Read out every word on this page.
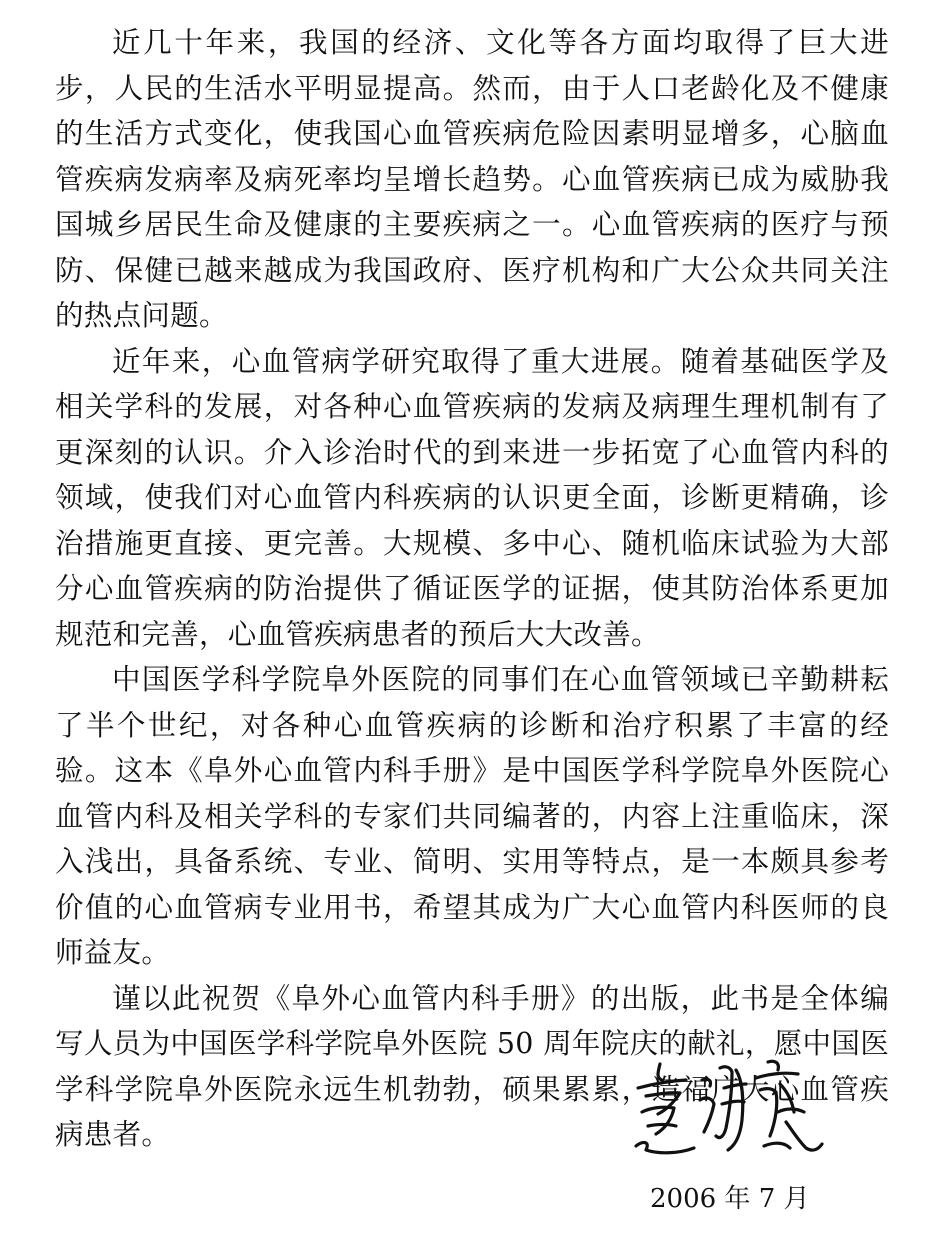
近几十年来，我国的经济、文化等各方面均取得了巨大进步，人民的生活水平明显提高。然而，由于人口老龄化及不健康的生活方式变化，使我国心血管疾病危险因素明显增多，心脑血管疾病发病率及病死率均呈增长趋势。心血管疾病已成为威胁我国城乡居民生命及健康的主要疾病之一。心血管疾病的医疗与预防、保健已越来越成为我国政府、医疗机构和广大公众共同关注的热点问题。

近年来，心血管病学研究取得了重大进展。随着基础医学及相关学科的发展，对各种心血管疾病的发病及病理生理机制有了更深刻的认识。介入诊治时代的到来进一步拓宽了心血管内科的领域，使我们对心血管内科疾病的认识更全面，诊断更精确，诊治措施更直接、更完善。大规模、多中心、随机临床试验为大部分心血管疾病的防治提供了循证医学的证据，使其防治体系更加规范和完善，心血管疾病患者的预后大大改善。

中国医学科学院阜外医院的同事们在心血管领域已辛勤耕耘了半个世纪，对各种心血管疾病的诊断和治疗积累了丰富的经验。这本《阜外心血管内科手册》是中国医学科学院阜外医院心血管内科及相关学科的专家们共同编著的，内容上注重临床，深入浅出，具备系统、专业、简明、实用等特点，是一本颇具参考价值的心血管病专业用书，希望其成为广大心血管内科医师的良师益友。

谨以此祝贺《阜外心血管内科手册》的出版，此书是全体编写人员为中国医学科学院阜外医院 50 周年院庆的献礼，愿中国医学科学院阜外医院永远生机勃勃，硕果累累，造福广大心血管疾病患者。

2006 年 7 月
